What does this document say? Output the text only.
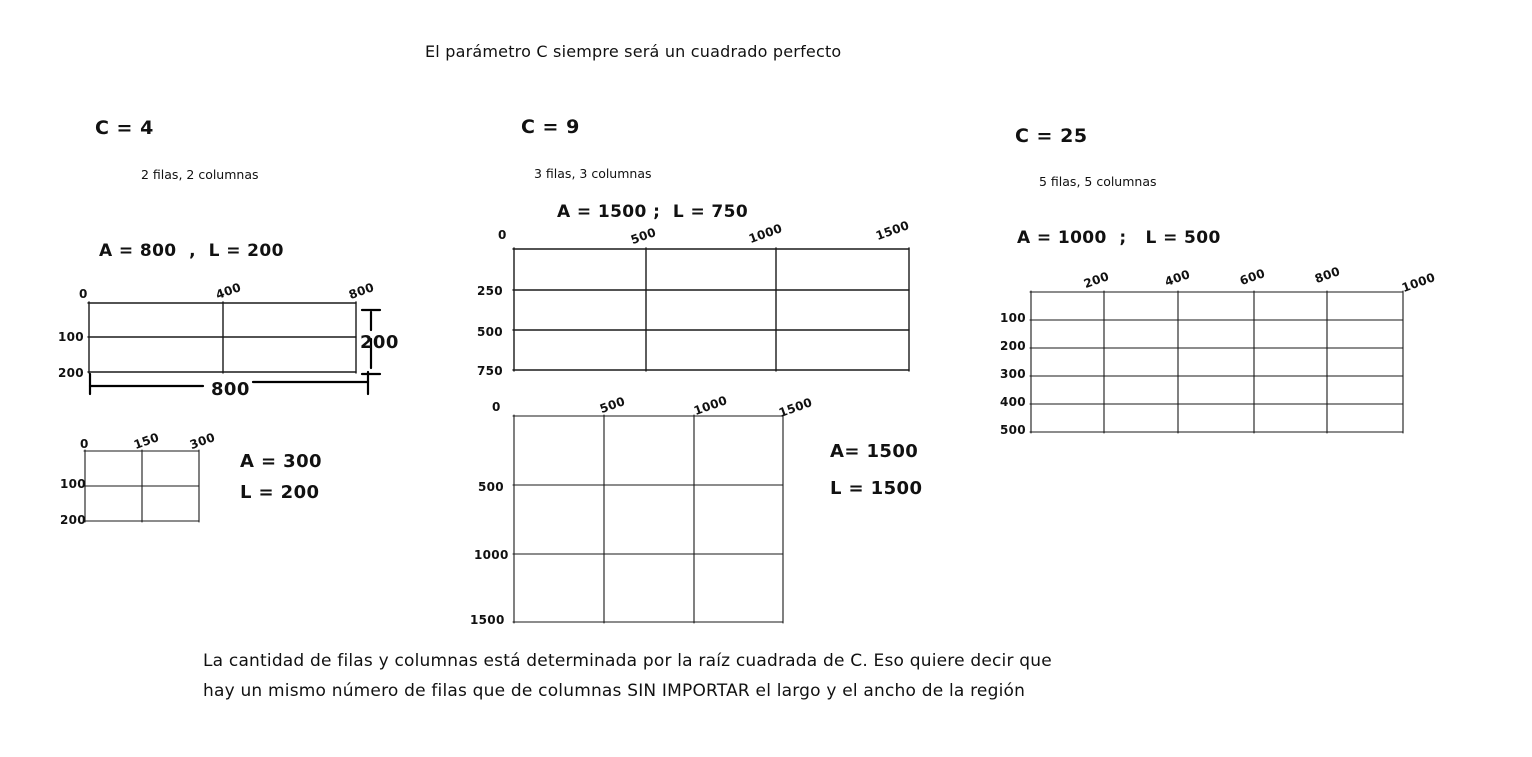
El parámetro C siempre será un cuadrado perfecto
C = 4
2 filas, 2 columnas
A = 800  ,  L = 200
0	400	800
100
200
200
800
0	150 300
100
200
A = 300
L = 200
C = 9
3 filas, 3 columnas
A = 1500 ;  L = 750
0	500	1000	1500
250
500
750
0	500	1000	1500
500
1000
1500
A= 1500
L = 1500
C = 25
5 filas, 5 columnas
A = 1000  ;   L = 500
200	400	600	800	1000
100
200
300
400
500
La cantidad de filas y columnas está determinada por la raíz cuadrada de C. Eso quiere decir que
hay un mismo número de filas que de columnas SIN IMPORTAR el largo y el ancho de la región
